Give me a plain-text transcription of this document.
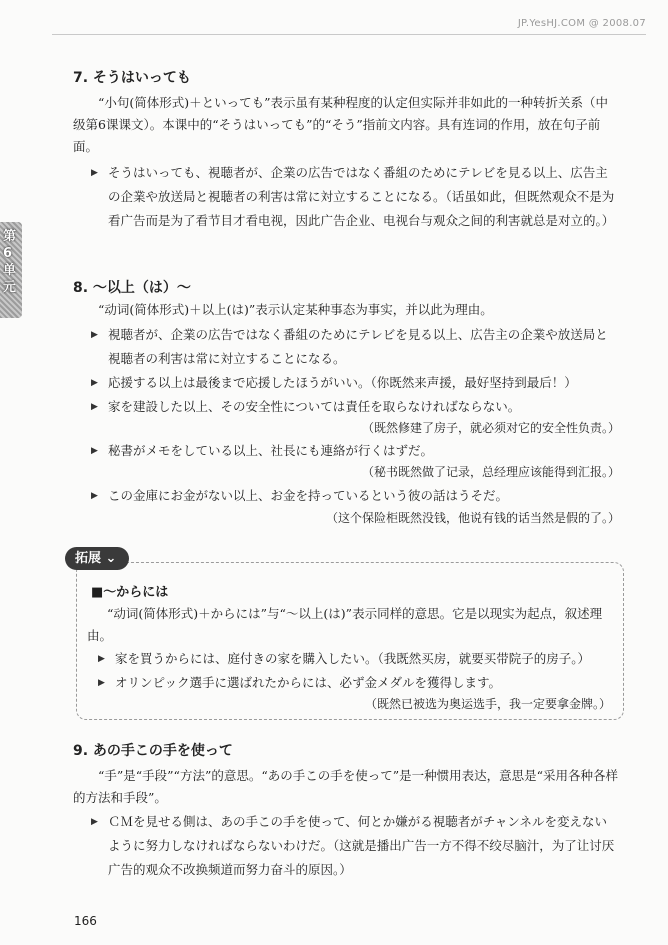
JP.YesHJ.COM @ 2008.07
第6单元
7. そうはいっても

“小句(简体形式)＋といっても”表示虽有某种程度的认定但实际并非如此的一种转折关系（中级第6课课文）。本课中的“そうはいっても”的“そう”指前文内容。具有连词的作用，放在句子前面。

▶ そうはいっても、視聴者が、企業の広告ではなく番組のためにテレビを見る以上、広告主の企業や放送局と視聴者の利害は常に対立することになる。（话虽如此，但既然观众不是为看广告而是为了看节目才看电视，因此广告企业、电视台与观众之间的利害就总是对立的。）

8. ～以上（は）～

“动词(简体形式)＋以上(は)”表示认定某种事态为事实，并以此为理由。

▶ 視聴者が、企業の広告ではなく番組のためにテレビを見る以上、広告主の企業や放送局と視聴者の利害は常に対立することになる。

▶ 応援する以上は最後まで応援したほうがいい。（你既然来声援，最好坚持到最后！）

▶ 家を建設した以上、その安全性については責任を取らなければならない。

（既然修建了房子，就必须对它的安全性负责。）

▶ 秘書がメモをしている以上、社長にも連絡が行くはずだ。

（秘书既然做了记录，总经理应该能得到汇报。）

▶ この金庫にお金がない以上、お金を持っているという彼の話はうそだ。

（这个保险柜既然没钱，他说有钱的话当然是假的了。）
■～からには

“动词(简体形式)＋からには”与“～以上(は)”表示同样的意思。它是以现实为起点，叙述理由。

▶ 家を買うからには、庭付きの家を購入したい。（我既然买房，就要买带院子的房子。）

▶ オリンピック選手に選ばれたからには、必ず金メダルを獲得します。

（既然已被选为奥运选手，我一定要拿金牌。）
拓展 ⌄
9. あの手この手を使って

“手”是“手段”“方法”的意思。“あの手この手を使って”是一种惯用表达，意思是“采用各种各样的方法和手段”。

▶ ＣＭを見せる側は、あの手この手を使って、何とか嫌がる視聴者がチャンネルを変えないように努力しなければならないわけだ。（这就是播出广告一方不得不绞尽脑汁，为了让讨厌广告的观众不改换频道而努力奋斗的原因。）

166
